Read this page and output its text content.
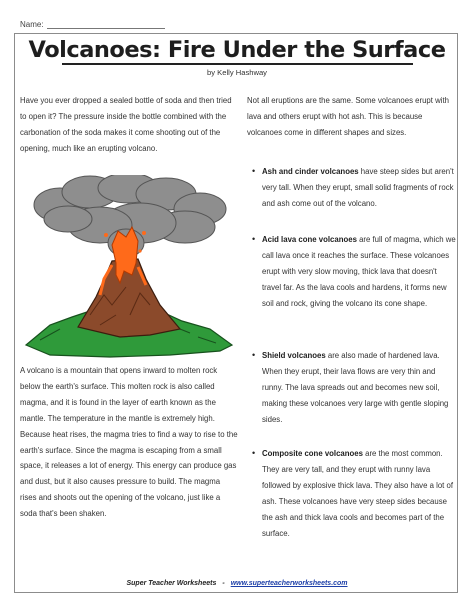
Name:
Volcanoes: Fire Under the Surface
by Kelly Hashway

Have you ever dropped a sealed bottle of soda and then tried to open it? The pressure inside the bottle combined with the carbonation of the soda makes it come shooting out of the opening, much like an erupting volcano.

A volcano is a mountain that opens inward to molten rock below the earth's surface. This molten rock is also called magma, and it is found in the layer of earth known as the mantle. The temperature in the mantle is extremely high. Because heat rises, the magma tries to find a way to rise to the earth's surface. Since the magma is escaping from a small space, it releases a lot of energy. This energy can produce gas and dust, but it also causes pressure to build. The magma rises and shoots out the opening of the volcano, just like a soda that's been shaken.

Not all eruptions are the same. Some volcanoes erupt with lava and others erupt with hot ash. This is because volcanoes come in different shapes and sizes.

• Ash and cinder volcanoes have steep sides but aren't very tall. When they erupt, small solid fragments of rock and ash come out of the volcano.
• Acid lava cone volcanoes are full of magma, which we call lava once it reaches the surface. These volcanoes erupt with very slow moving, thick lava that doesn't travel far. As the lava cools and hardens, it forms new soil and rock, giving the volcano its cone shape.
• Shield volcanoes are also made of hardened lava. When they erupt, their lava flows are very thin and runny. The lava spreads out and becomes new soil, making these volcanoes very large with gentle sloping sides.
• Composite cone volcanoes are the most common. They are very tall, and they erupt with runny lava followed by explosive thick lava. They also have a lot of ash. These volcanoes have very steep sides because the ash and thick lava cools and becomes part of the surface.
Super Teacher Worksheets - www.superteacherworksheets.com
